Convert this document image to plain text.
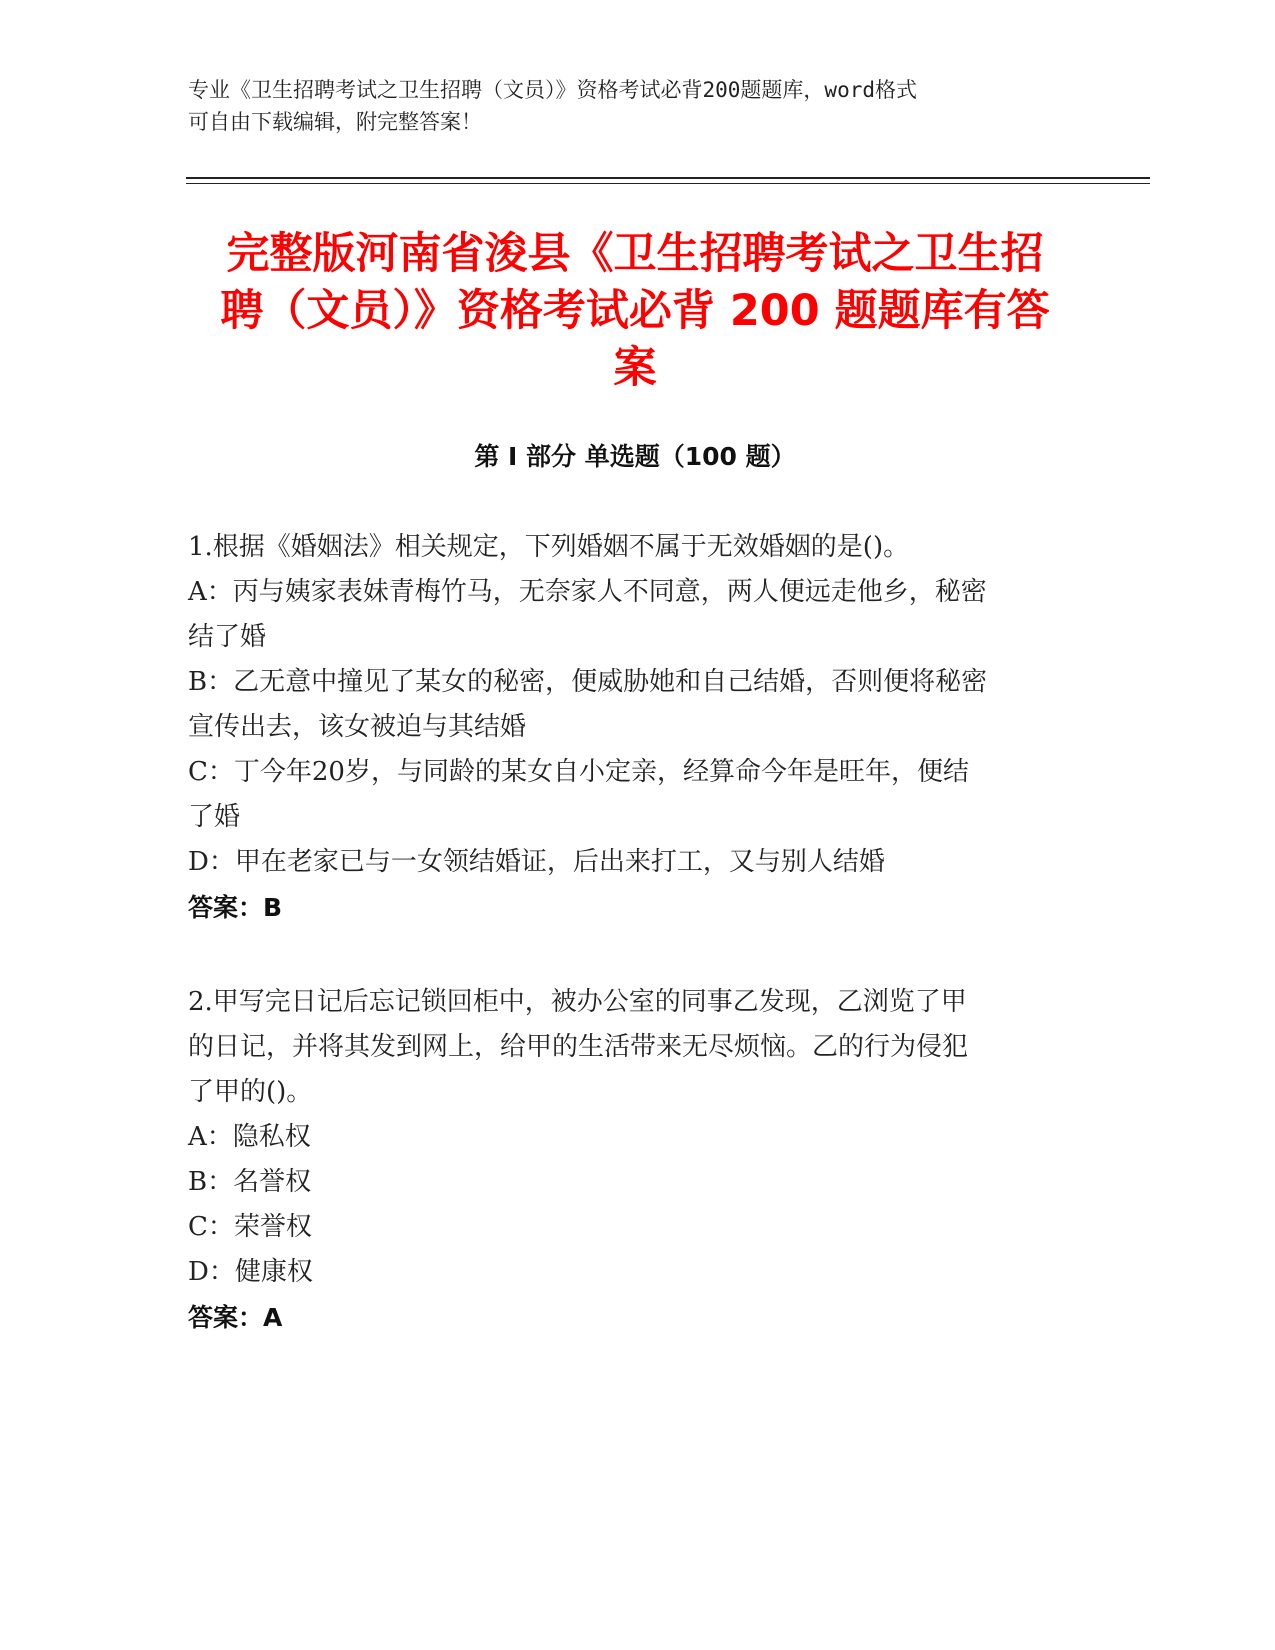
专业《卫生招聘考试之卫生招聘（文员）》资格考试必背200题题库，word格式
可自由下载编辑，附完整答案！
完整版河南省浚县《卫生招聘考试之卫生招
聘（文员）》资格考试必背 200 题题库有答
案
第 I 部分 单选题（100 题）
1.根据《婚姻法》相关规定，下列婚姻不属于无效婚姻的是()。
A：丙与姨家表妹青梅竹马，无奈家人不同意，两人便远走他乡，秘密
结了婚
B：乙无意中撞见了某女的秘密，便威胁她和自己结婚，否则便将秘密
宣传出去，该女被迫与其结婚
C：丁今年20岁，与同龄的某女自小定亲，经算命今年是旺年，便结
了婚
D：甲在老家已与一女领结婚证，后出来打工，又与别人结婚
答案：B
2.甲写完日记后忘记锁回柜中，被办公室的同事乙发现，乙浏览了甲
的日记，并将其发到网上，给甲的生活带来无尽烦恼。乙的行为侵犯
了甲的()。
A：隐私权
B：名誉权
C：荣誉权
D：健康权
答案：A
